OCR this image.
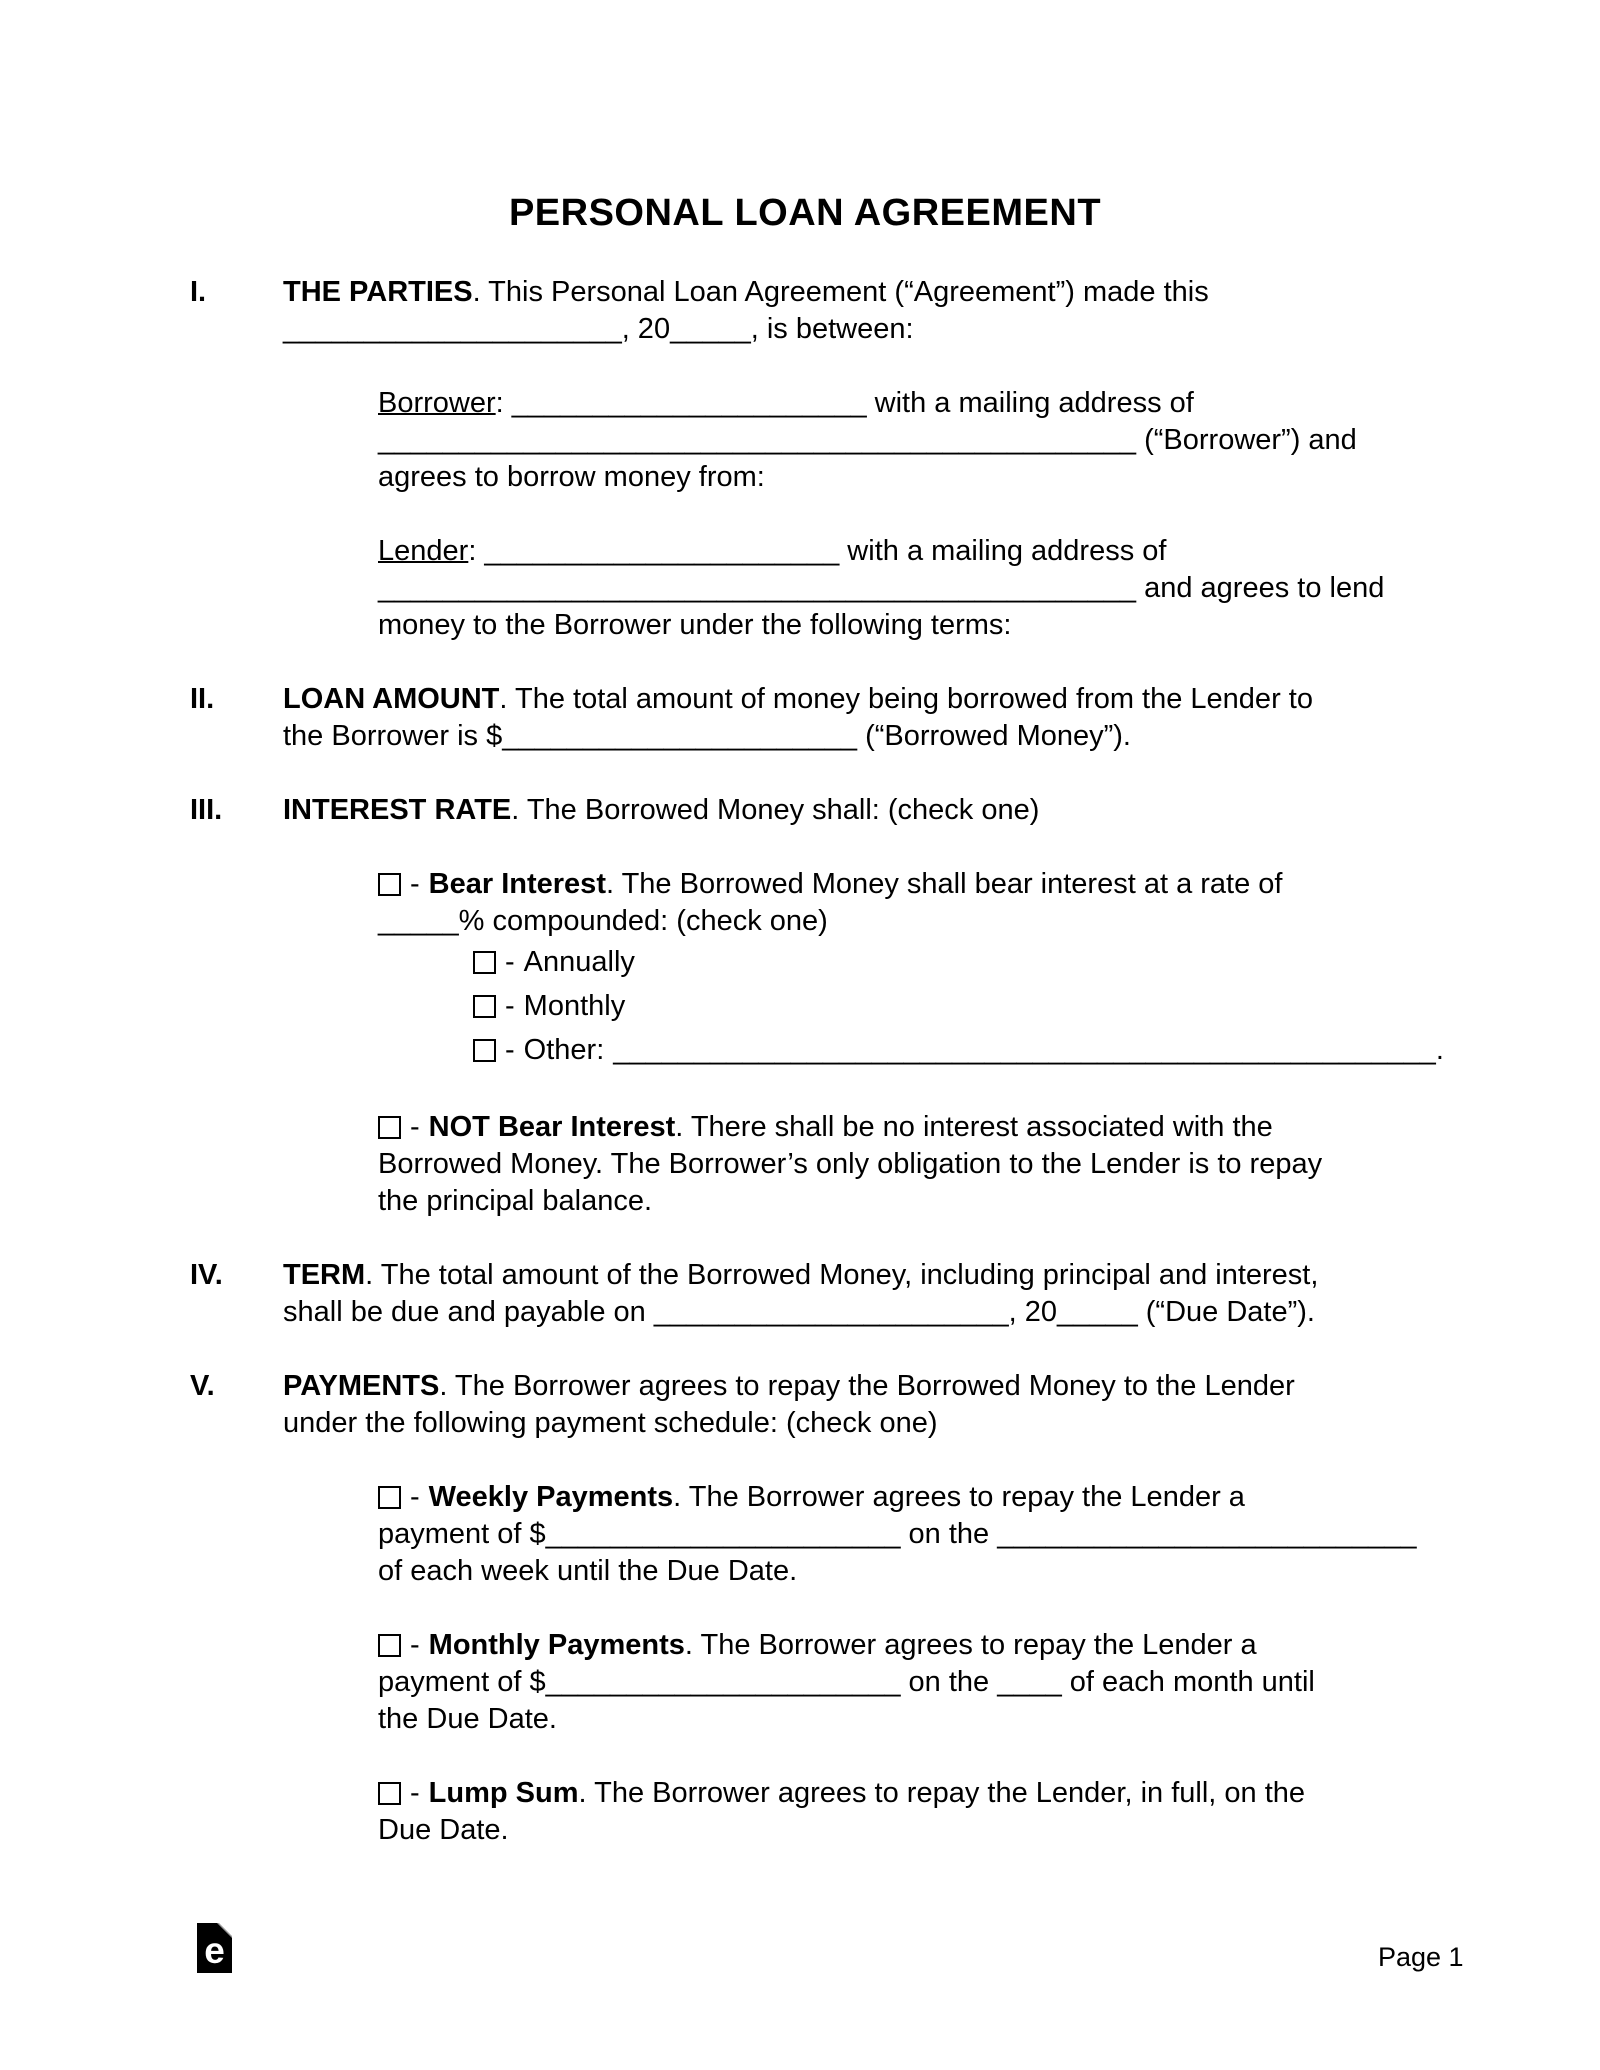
PERSONAL LOAN AGREEMENT
I.	THE PARTIES. This Personal Loan Agreement (“Agreement”) made this
_____________________, 20_____, is between:
Borrower: ______________________ with a mailing address of
_______________________________________________ (“Borrower”) and
agrees to borrow money from:
Lender: ______________________ with a mailing address of
_______________________________________________ and agrees to lend
money to the Borrower under the following terms:
II.	LOAN AMOUNT. The total amount of money being borrowed from the Lender to
the Borrower is $______________________ (“Borrowed Money”).
III.	INTEREST RATE. The Borrowed Money shall: (check one)
- Bear Interest. The Borrowed Money shall bear interest at a rate of
_____% compounded: (check one)
- Annually
- Monthly
- Other: ___________________________________________________.
- NOT Bear Interest. There shall be no interest associated with the
Borrowed Money. The Borrower’s only obligation to the Lender is to repay
the principal balance.
IV.	TERM. The total amount of the Borrowed Money, including principal and interest,
shall be due and payable on ______________________, 20_____ (“Due Date”).
V.	PAYMENTS. The Borrower agrees to repay the Borrowed Money to the Lender
under the following payment schedule: (check one)
- Weekly Payments. The Borrower agrees to repay the Lender a
payment of $______________________ on the __________________________
of each week until the Due Date.
- Monthly Payments. The Borrower agrees to repay the Lender a
payment of $______________________ on the ____ of each month until
the Due Date.
- Lump Sum. The Borrower agrees to repay the Lender, in full, on the
Due Date.
e	Page 1
